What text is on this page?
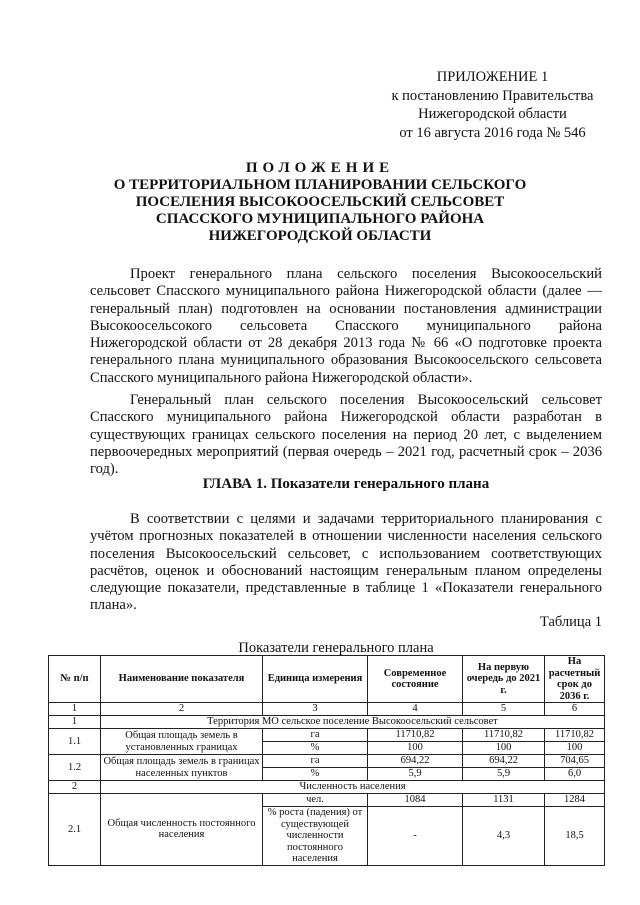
ПРИЛОЖЕНИЕ 1
к постановлению Правительства
Нижегородской области
от 16 августа 2016 года № 546
ПОЛОЖЕНИЕ
О ТЕРРИТОРИАЛЬНОМ ПЛАНИРОВАНИИ СЕЛЬСКОГО
ПОСЕЛЕНИЯ ВЫСОКООСЕЛЬСКИЙ СЕЛЬСОВЕТ
СПАССКОГО МУНИЦИПАЛЬНОГО РАЙОНА
НИЖЕГОРОДСКОЙ ОБЛАСТИ

Проект генерального плана сельского поселения Высокоосельский сельсовет Спасского муниципального района Нижегородской области (далее — генеральный план) подготовлен на основании постановления администрации Высокоосельсокого сельсовета Спасского муниципального района Нижегородской области от 28 декабря 2013 года № 66 «О подготовке проекта генерального плана муниципального образования Высокоосельского сельсовета Спасского муниципального района Нижегородской области».

Генеральный план сельского поселения Высокоосельский сельсовет Спасского муниципального района Нижегородской области разработан в существующих границах сельского поселения на период 20 лет, с выделением первоочередных мероприятий (первая очередь – 2021 год, расчетный срок – 2036 год).

ГЛАВА 1. Показатели генерального плана

В соответствии с целями и задачами территориального планирования с учётом прогнозных показателей в отношении численности населения сельского поселения Высокоосельский сельсовет, с использованием соответствующих расчётов, оценок и обоснований настоящим генеральным планом определены следующие показатели, представленные в таблице 1 «Показатели генерального плана».

Таблица 1
Показатели генерального плана
№ п/п	Наименование показателя	Единица измерения	Современное состояние	На первую очередь до 2021 г.	На расчетный срок до 2036 г.
1	2	3	4	5	6
1	Территория МО сельское поселение Высокоосельский сельсовет				
1.1	Общая площадь земель в установленных границах	га	11710,82	11710,82	11710,82
		%	100	100	100
1.2	Общая площадь земель в границах населенных пунктов	га	694,22	694,22	704,65
		%	5,9	5,9	6,0
2	Численность населения				
2.1	Общая численность постоянного населения	чел.	1084	1131	1284
		% роста (падения) от существующей численности постоянного населения	-	4,3	18,5
